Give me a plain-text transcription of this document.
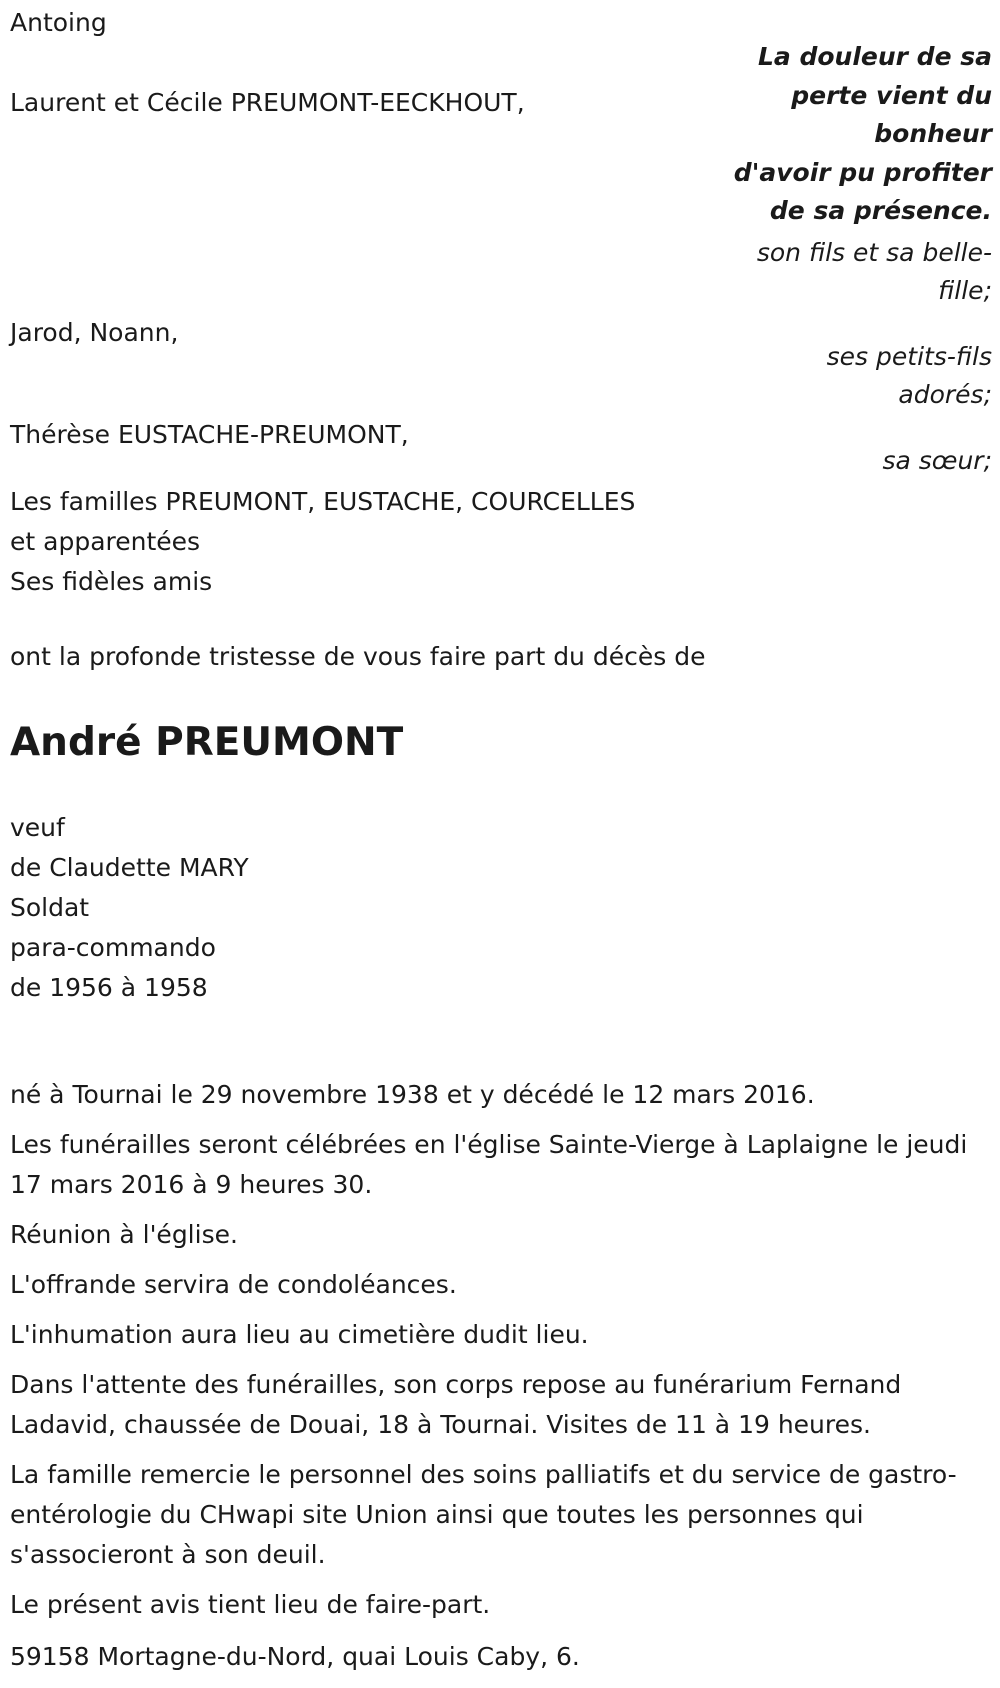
Antoing

La douleur de sa
perte vient du
bonheur
d'avoir pu profiter
de sa présence.

Laurent et Cécile PREUMONT-EECKHOUT,

son fils et sa belle-
fille;

Jarod, Noann,

ses petits-fils
adorés;

Thérèse EUSTACHE-PREUMONT,

sa sœur;
Les familles PREUMONT, EUSTACHE, COURCELLES
et apparentées
Ses fidèles amis

ont la profonde tristesse de vous faire part du décès de

André PREUMONT
veuf
de Claudette MARY
Soldat
para-commando
de 1956 à 1958

né à Tournai le 29 novembre 1938 et y décédé le 12 mars 2016.

Les funérailles seront célébrées en l'église Sainte-Vierge à Laplaigne le jeudi 17 mars 2016 à 9 heures 30.

Réunion à l'église.

L'offrande servira de condoléances.

L'inhumation aura lieu au cimetière dudit lieu.

Dans l'attente des funérailles, son corps repose au funérarium Fernand Ladavid, chaussée de Douai, 18 à Tournai. Visites de 11 à 19 heures.

La famille remercie le personnel des soins palliatifs et du service de gastro-entérologie du CHwapi site Union ainsi que toutes les personnes qui s'associeront à son deuil.

Le présent avis tient lieu de faire-part.

59158 Mortagne-du-Nord, quai Louis Caby, 6.
